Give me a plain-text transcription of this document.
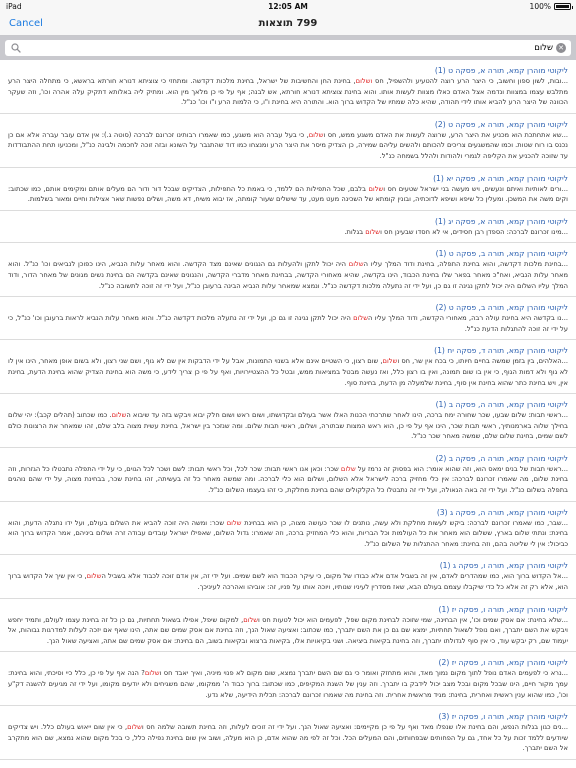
iPad	12:05 AM	100%
Cancel	799 תוצאות
שלום
✕
ליקוטי מוהרן קמא, תורה א, פסקה ט (1)
...ובות, לשון ספון וחשוב, כי היצר הרע רוצה להטעיע ולהשפיל, חס ושלום, בחינת החן והחשיבות של ישראל, בחינת מלכות דקדשה. ומתחזי כי צוציתא דנורא חורתא בראשא, כי מתחלה היצר הרע מתלבש עצמו במצוות ונדמה אצל האדם כאלו מצוות לעשות אותו. והוא בחינת צוציתא דנורא חורתא, אש לבנה; אף על פי כן מלאך מין הוא. ומתיק ליה באלותא דתקיק עלה אהרה וכו', וזה שעקר הכוונה של היצר הרע להביא אותו לידי תהודה, שהיא כלה שמתיו של הקדוש ברוך הוא. והתורה היא בחינת ו"ו, כי הלמות הרע ו"ו וכו' כנ"ל.
ליקוטי מוהרן קמא, תורה א, פסקה ט (2)
...שא אתחתכת הוא מכניע את היצר הרע, שרוצה לעשות את האדם משגע ממש, חס ושלום, כי בעל עברה הוא משגע, כמו שאמרו רבותינו זכרונם לברכה (סוטה ג.): אין אדם עובר עברה אלא אם כן נכנס בו רוח שטות. וכמו שהמשגעים צריכים להכותם ולהשים עליהם שמירה, כן הצדיק מיסר את היצר הרע ומנצחו כמו דוד שהתגבר על השונא ובזה זוכה לחכמה ולבינה כנ"ל, ומכניעו תחת ההתבודדות עד שזוכה להכניע את הקליפה לגמרי ולהודות ולהלל בשמחה כנ"ל.
ליקוטי מוהרן קמא, תורה א, פסקה יא (1)
...ורים לאותיות ואיתם ונעשים, ויש מעשה בני ישראל שטעים חס ושלום בלבם, שכל התפילות הם ללמד, כי באמת כל התפילות, הצדיקים שבכל דור ודור הם מעלים אותם ומקימים אותם, כמו שכתוב: וקים משה את המשכן. ומעלין כל שיפא ושיפא לדוכתיה, ובונין קומתא של השכינה מעט מעט, עד שישלים שעור קומתה, אז יבוא משיח, דא משה, ושלים נפשות שאר אצילות וחיים ומאור בשלמות.
ליקוטי מוהרן קמא, תורה א, פסקה יג (1)
...מינו זכרונם לברכה: הספדן רבן חסידים, אי לא חסדו שבעינן חס ושלום בגלות.
ליקוטי מוהרן קמא, תורה ב, פסקה ט (1)
...בחינת מלכות דקדשה, והוא בחינת התפלה, בחינת ודוד המלך עליו השלום היה יכול לתקן ולהעלות גם הנגונים שאינם מצד הקדשה. והוא מאחר עלות הנביא, הינו כפוכן לנביאים וכו' כנ"ל. והוא מאחר עלות הנביא, ואח"כ מאחר בפאר שלו בחינת הכבוד, הינו בקדשה, שהיא מאחורי הקדשה, בבחינת מאחר מדברי הקדשה, והנגונים שאינם בקדשה הם בחינת נשים מגונים של מאחר הדור, ודוד המלך עליו השלום היה יכול לתקן נגינה זו גם כן, ועל ידי זה נתעלה מלכות דקדשה כנ"ל. ונמצא שמאחר עלות הנביא הבינה ברעובן כנ"ל, ועל ידי זה זוכה לתשובה כנ"ל.
ליקוטי מוהרן קמא, תורה ב, פסקה ט (2)
...נו בקדשה היא בחינת עולה רבה, מאחורי הקדשה, ודוד המלך עליו השלום היה יכול לתקן נגינה זו גם כן, ועל ידי זה נתעלה מלכות דקדשה כנ"ל. והוא מאחר עלות הנביא לראות ברעובן וכו' כנ"ל, כי על ידי זה זוכה להתגלות הדעת כנ"ל.
ליקוטי מוהרן קמא, תורה ד, פסקה יח (1)
...האלהים, בין בזמן שמשה בחיים חיותו, כי בכח אין שר, חס ושלום, שום רצון, כי השטיים אינם אלא בשנוי התמונות, אבל על ידי הדבקות אין שם לא גוף, ושם שני רצון, ולא בשום אופן מאחר, הינו אין לו לא גוף ולא דמות הגוף, כי אין בו שום תמונה, ואין בו רצון כלל, ואז נעשה מבטל במציאות ממש, ובטל כל ההצטיירויות, ואף על פי כן צריך לידע, כי משה הוא בחינת הצדיק שהוא בחינת הדעת, בחינת אין, ויש בחינת כתר שהוא בחינת אין סוף, בחינת שלמעלה מן הדעת, בחינת סוף.
ליקוטי מוהרן קמא, תורה ה, פסקה ב (1)
...ראשי תבות: שלום שבעו, שכר שחורה ימח ברכה, הינו לאחר שתרכתי הכנות האלו אשר בעולם ובקדושתו, ושום ראש ושום חלק יבוא ויבקש בזה עד שיבוא השלום. כמו שכתוב (תהלים קכב): יהי שלום בחילך שלוה בארמנותיך, ראשי תבות שכר, הינו אף על פי כן, הוא ראש המצות שבתורה, ושלום, ראשי תבות שלום. ומה שנזכר בין ישראל, בחינת עשית מצוה בלב שלם, זהו שמאחר את הרצונות כולם לשם שמים, בחינת שלום שלם, שמשה מאחר שכר כנ"ל.
ליקוטי מוהרן קמא, תורה ה, פסקה ב (2)
...ראשי תבות של בנים ימאס הוא, וזה שהוא אומר: הוא בפסוק זה נרמז על שלום שכר: וכאן אנו ראשי תבות: שכר לכל, וכל ראשי תבות: לשם ושכר לכל הגוים, כי על ידי התפלה נתבטלו כל הגזרות, וזה בחינת שלום, מה שאמרו זכרונם לברכה: אין כלי מחזיק ברכה לישראל אלא השלום, ושלום הוא כלי לברכה. ומה שמשה מאחר כל זה בעשיתה, זהו בחינת שכר, בבחינת מצוה, על ידי שהם נוהגים בתפלה בשלום כנ"ל. ועל ידי זה באה הגאולה, ועל ידי זה נתבטלו כל הקלקולים שהם בחינת מחלקת, כי זהו בעצמו השלום כנ"ל.
ליקוטי מוהרן קמא, תורה ה, פסקה ג (3)
...שבר, כמו שאמרו זכרונם לברכה: ביקש לעשות מחלקת ולא עשה, נותנים לו שכר כעושה מצוה, כן הוא בבחינת שלום שכר: ומשה היה זוכה להביא את השלום בעולם, ועל ידו נתגלה הדעת, והוא בחינת: ונתתי שלום בארץ, ששלום הוא מאחר את כל העולמות וכל הבריות, והוא כלי המחזיק ברכה, וזה שאמרו: גדול השלום, שאפילו ישראל עובדים עבודה זרה ושלום ביניהם, אמר הקדוש ברוך הוא כביכול: אין לי שליטה בהם, וזה בחינת: מאחר ההתגלות של השלום כנ"ל.
ליקוטי מוהרן קמא, תורה ו, פסקה ג (1)
...אל הקדוש ברוך הוא, כמו שמהדרים לאדם, אין זה בשביל אדם אלא כבודו של מקום, כי עיקר הכבוד הוא לשם שמים. ועל ידי זה, אין אדם זוכה לכבוד אלא בשביל השלום, כי אין שיך אל הקדוש ברוך הוא, אלא רק זה אלא כל כדי שיקבלו עצמם בעולם הבא, שאז מסדרין לעיניו שנותיו, ויוכה אותו על פניו, זה: אוביהו ואהרכה לעיניכך.
ליקוטי מוהרן קמא, תורה ו, פסקה יז (1)
...שלא בחינת: אם אסק שמים וכו', אין הבחינה, שמי שזוכה לבחינת מקום שפל, לפעמים הוא יכול לטעות חס ושלום, למקום שיפל, אפילו בשאול תחתיות, גם כן כל זה בחינת עצמו לעולם, ותמיד יחפש ויבקש את השם יתברך, ואם נופל לשאול תחתיות, ימצא שם גם כן את השם יתברך, כמו שכתוב: ואציעה שאול הנך, וזה בחינת אם אסק שמים שם אתה, הינו שאף אם יזכה לעלות למדרגות גבוהות, אל יעמוד שם, רק יבקש עוד, כי אין סוף לגדולתו יתברך, וזה בחינת בקיאות ביציאה. ושני בקיאויות אלו, בקיאות ברצוא ובקיאות בשוב, הם בחינת: אם אסק שמים שם אתה, ואציעה שאול הנך.
ליקוטי מוהרן קמא, תורה ו, פסקה יז (2)
...נרא כי לפעמים האדם נופל לתוך מקום נמוך מאד, והוא מתחזק ואומר כי גם שם השם יתברך נמצא, שום מקום לא פנוי מיניה, ואיך יאבד חס ושלום? הנה אף על פי כן, כלל כיי וסיכתי, והוא בחינת: עמך מקור חיים, הינו שבכל מקום ובכל מצב יכול לידבק בו יתברך. וזה ענין של השגת המקיפים, כמו שכתוב: ברוך כבוד ה' ממקומו, שהם משגיחים ולא יודעים מקומו, ועל ידי זה מגיעים להשגה דק"ע וכו', כמו שהוא ענין ראשית ואחרית, בחינת: מגיד מראשית אחרית. וזה בחינת מה שאמרו זכרונם לברכה: תכלית הידיעה, שלא נדע.
ליקוטי מוהרן קמא, תורה ו, פסקה יז (3)
...נים כגון בגלות הנפש, והם בחינת אלו שנפלו מאד ואף על פי כן מקיימים: ואציעה שאול הנך. ועל ידי זה זוכים לעלות, וזה בחינת תשובה שלמה חס ושלום, כי אין שום ייאוש בעולם כלל. ויש צדיקים שיודעים ללמד זכות על כל אחד, גם על הפחותים שבפחותים, והם המעלים הכל. וכל זה לפי מה שהוא אדם, כן הוא מעלה, ושוב אין שום בחינת נפילה כלל, כי בכל מקום שהוא נמצא, שם הוא מתקרב אל השם יתברך.
